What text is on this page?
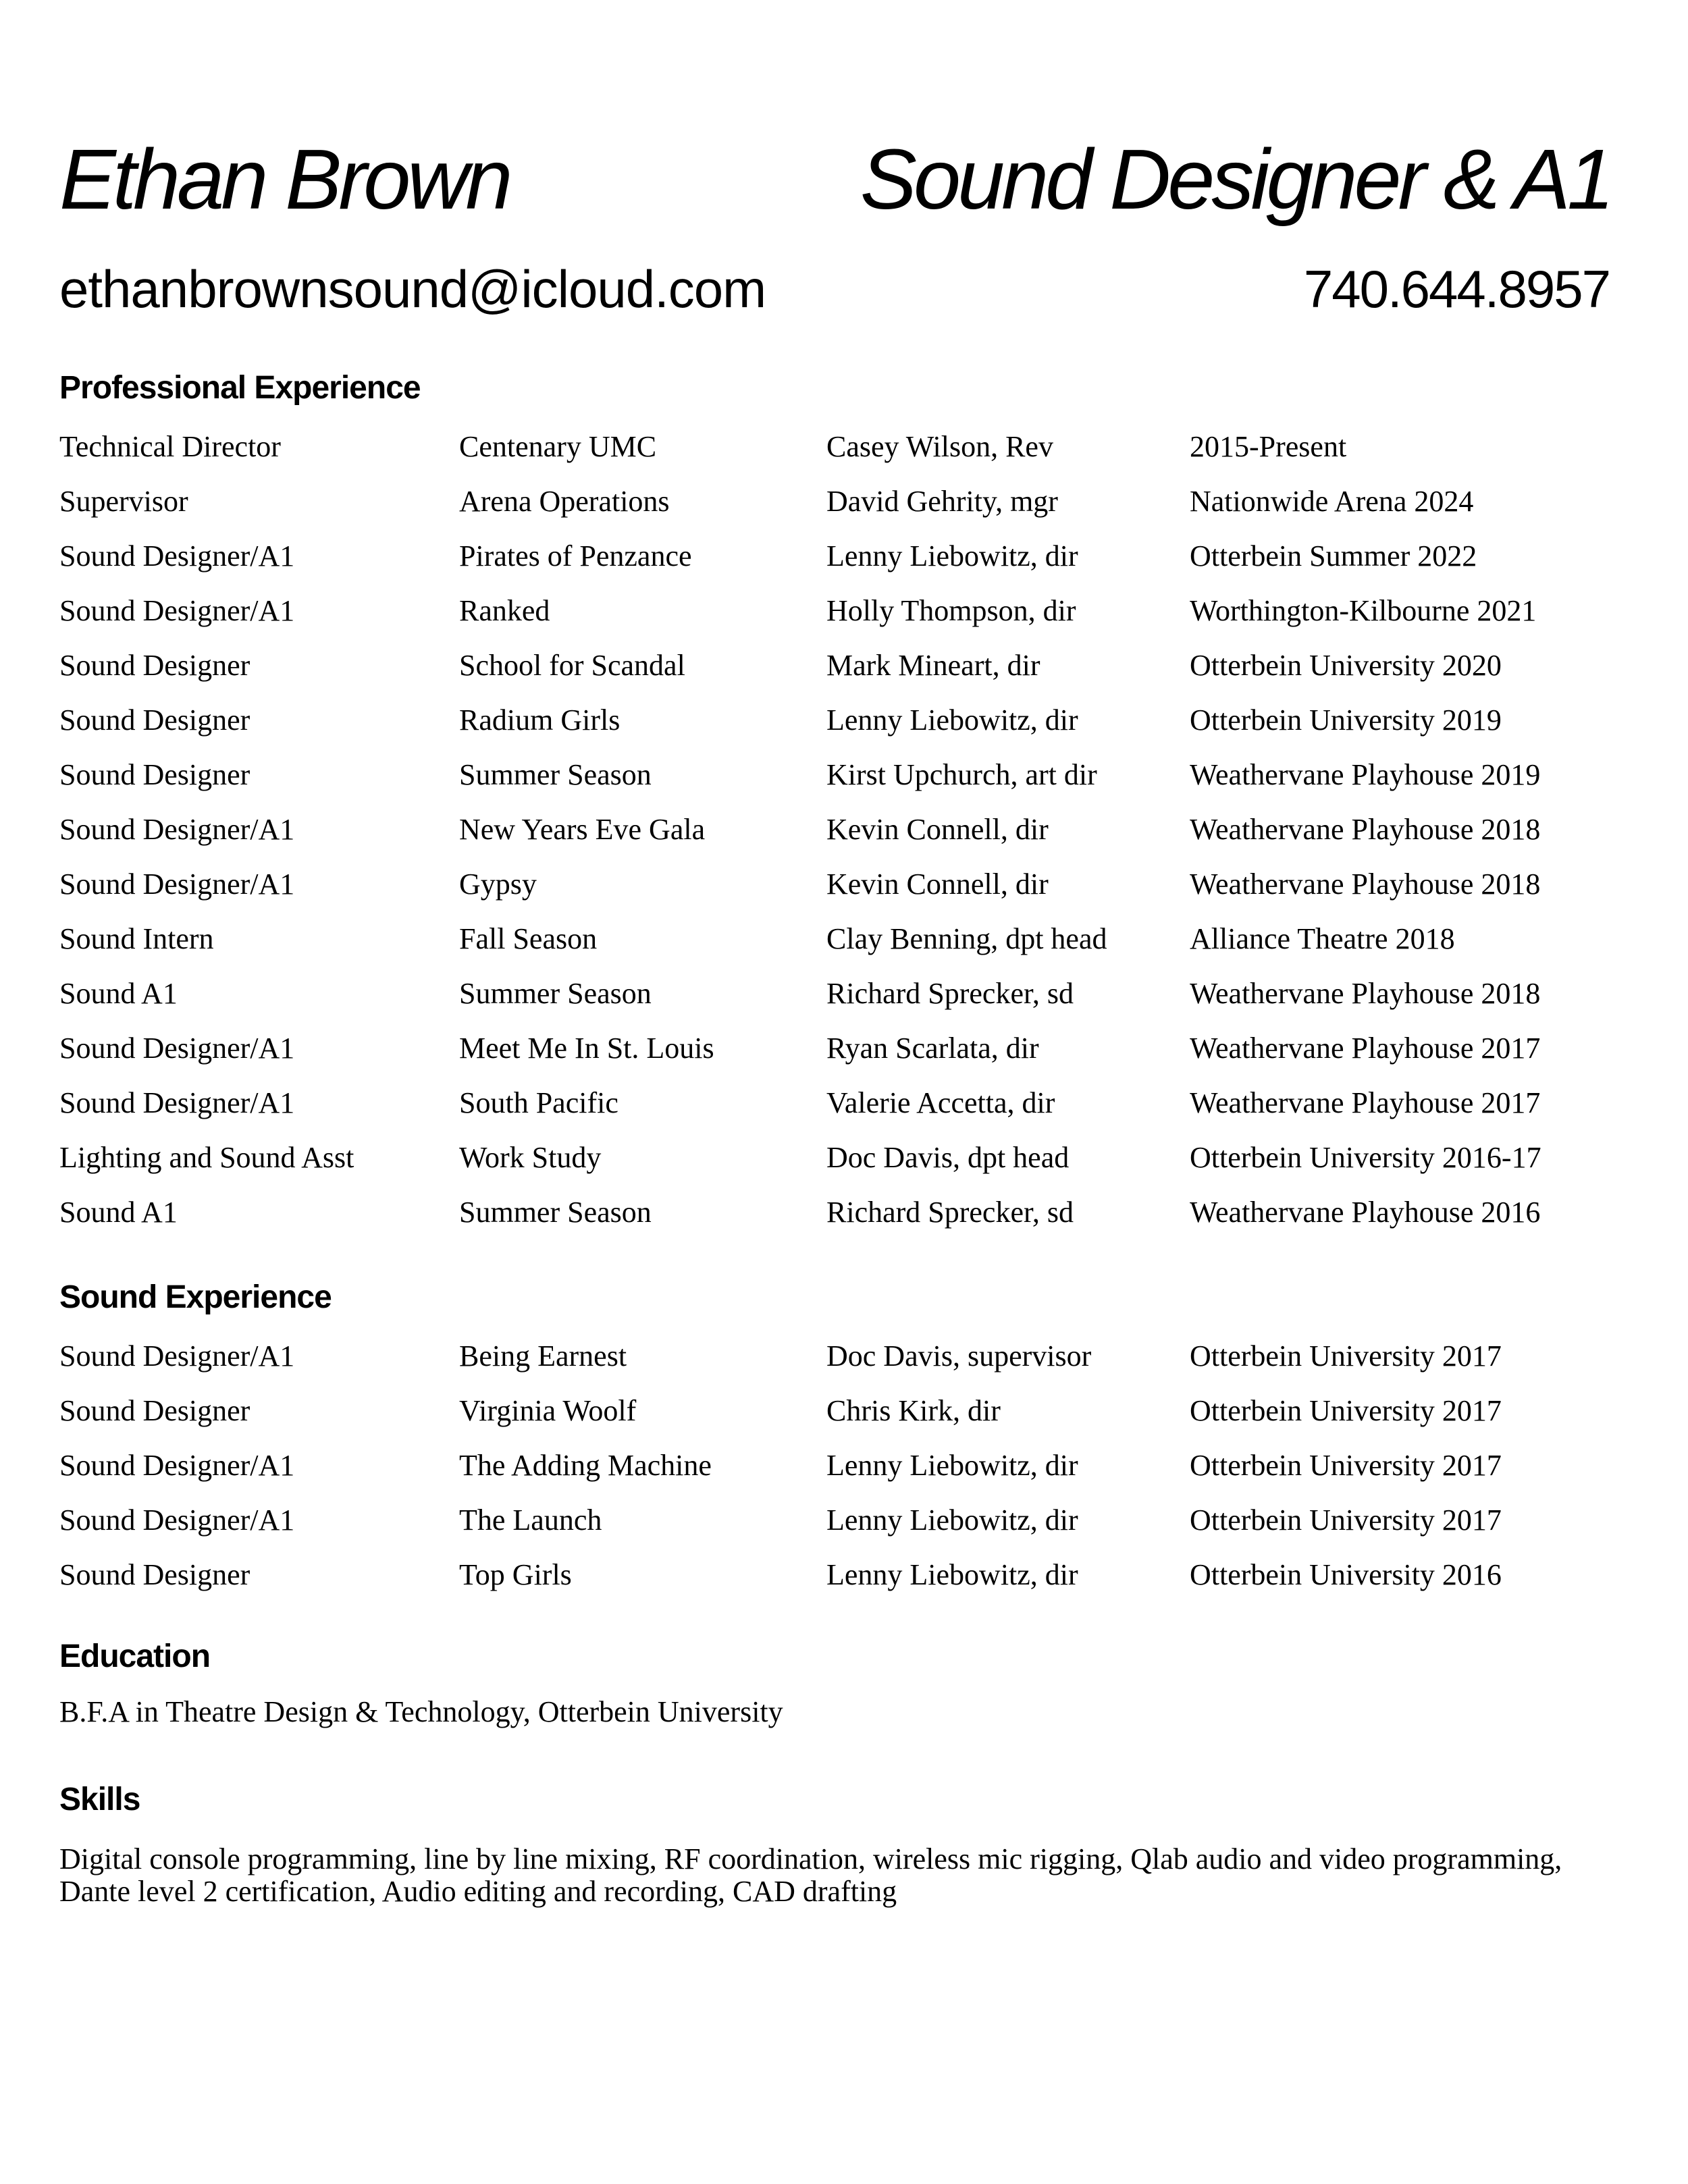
Ethan Brown	Sound Designer & A1
ethanbrownsound@icloud.com	740.644.8957
Professional Experience
Technical Director	Centenary UMC	Casey Wilson, Rev	2015-Present
Supervisor	Arena Operations	David Gehrity, mgr	Nationwide Arena 2024
Sound Designer/A1	Pirates of Penzance	Lenny Liebowitz, dir	Otterbein Summer 2022
Sound Designer/A1	Ranked	Holly Thompson, dir	Worthington-Kilbourne 2021
Sound Designer	School for Scandal	Mark Mineart, dir	Otterbein University 2020
Sound Designer	Radium Girls	Lenny Liebowitz, dir	Otterbein University 2019
Sound Designer	Summer Season	Kirst Upchurch, art dir	Weathervane Playhouse 2019
Sound Designer/A1	New Years Eve Gala	Kevin Connell, dir	Weathervane Playhouse 2018
Sound Designer/A1	Gypsy	Kevin Connell, dir	Weathervane Playhouse 2018
Sound Intern	Fall Season	Clay Benning, dpt head	Alliance Theatre 2018
Sound A1	Summer Season	Richard Sprecker, sd	Weathervane Playhouse 2018
Sound Designer/A1	Meet Me In St. Louis	Ryan Scarlata, dir	Weathervane Playhouse 2017
Sound Designer/A1	South Pacific	Valerie Accetta, dir	Weathervane Playhouse 2017
Lighting and Sound Asst	Work Study	Doc Davis, dpt head	Otterbein University 2016-17
Sound A1	Summer Season	Richard Sprecker, sd	Weathervane Playhouse 2016
Sound Experience
Sound Designer/A1	Being Earnest	Doc Davis, supervisor	Otterbein University 2017
Sound Designer	Virginia Woolf	Chris Kirk, dir	Otterbein University 2017
Sound Designer/A1	The Adding Machine	Lenny Liebowitz, dir	Otterbein University 2017
Sound Designer/A1	The Launch	Lenny Liebowitz, dir	Otterbein University 2017
Sound Designer	Top Girls	Lenny Liebowitz, dir	Otterbein University 2016
Education
B.F.A in Theatre Design & Technology, Otterbein University
Skills
Digital console programming, line by line mixing, RF coordination, wireless mic rigging, Qlab audio and video programming, Dante level 2 certification, Audio editing and recording, CAD drafting
